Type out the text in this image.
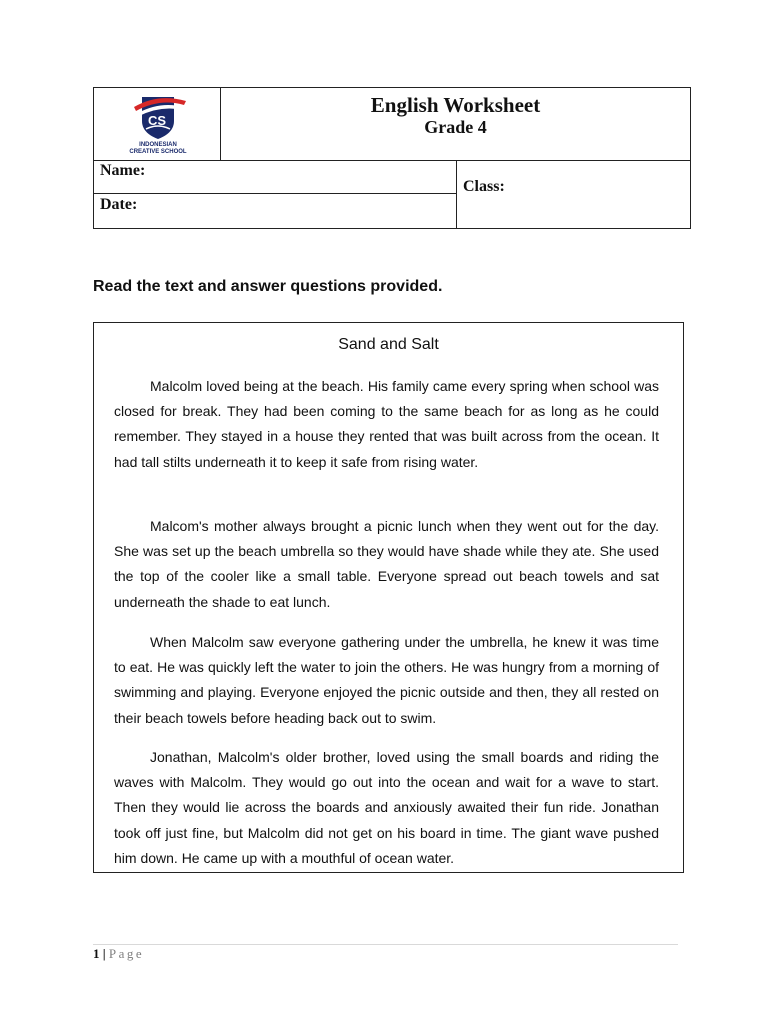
CS
INDONESIAN
CREATIVE SCHOOL
English Worksheet
Grade 4
Name:
Date:
Class:
Read the text and answer questions provided.
Sand and Salt
Malcolm loved being at the beach. His family came every spring when school was closed for break. They had been coming to the same beach for as long as he could remember. They stayed in a house they rented that was built across from the ocean. It had tall stilts underneath it to keep it safe from rising water.
Malcom's mother always brought a picnic lunch when they went out for the day. She was set up the beach umbrella so they would have shade while they ate. She used the top of the cooler like a small table. Everyone spread out beach towels and sat underneath the shade to eat lunch.
When Malcolm saw everyone gathering under the umbrella, he knew it was time to eat. He was quickly left the water to join the others. He was hungry from a morning of swimming and playing. Everyone enjoyed the picnic outside and then, they all rested on their beach towels before heading back out to swim.
Jonathan, Malcolm's older brother, loved using the small boards and riding the waves with Malcolm. They would go out into the ocean and wait for a wave to start. Then they would lie across the boards and anxiously awaited their fun ride. Jonathan took off just fine, but Malcolm did not get on his board in time. The giant wave pushed him down. He came up with a mouthful of ocean water.
1 | Page
